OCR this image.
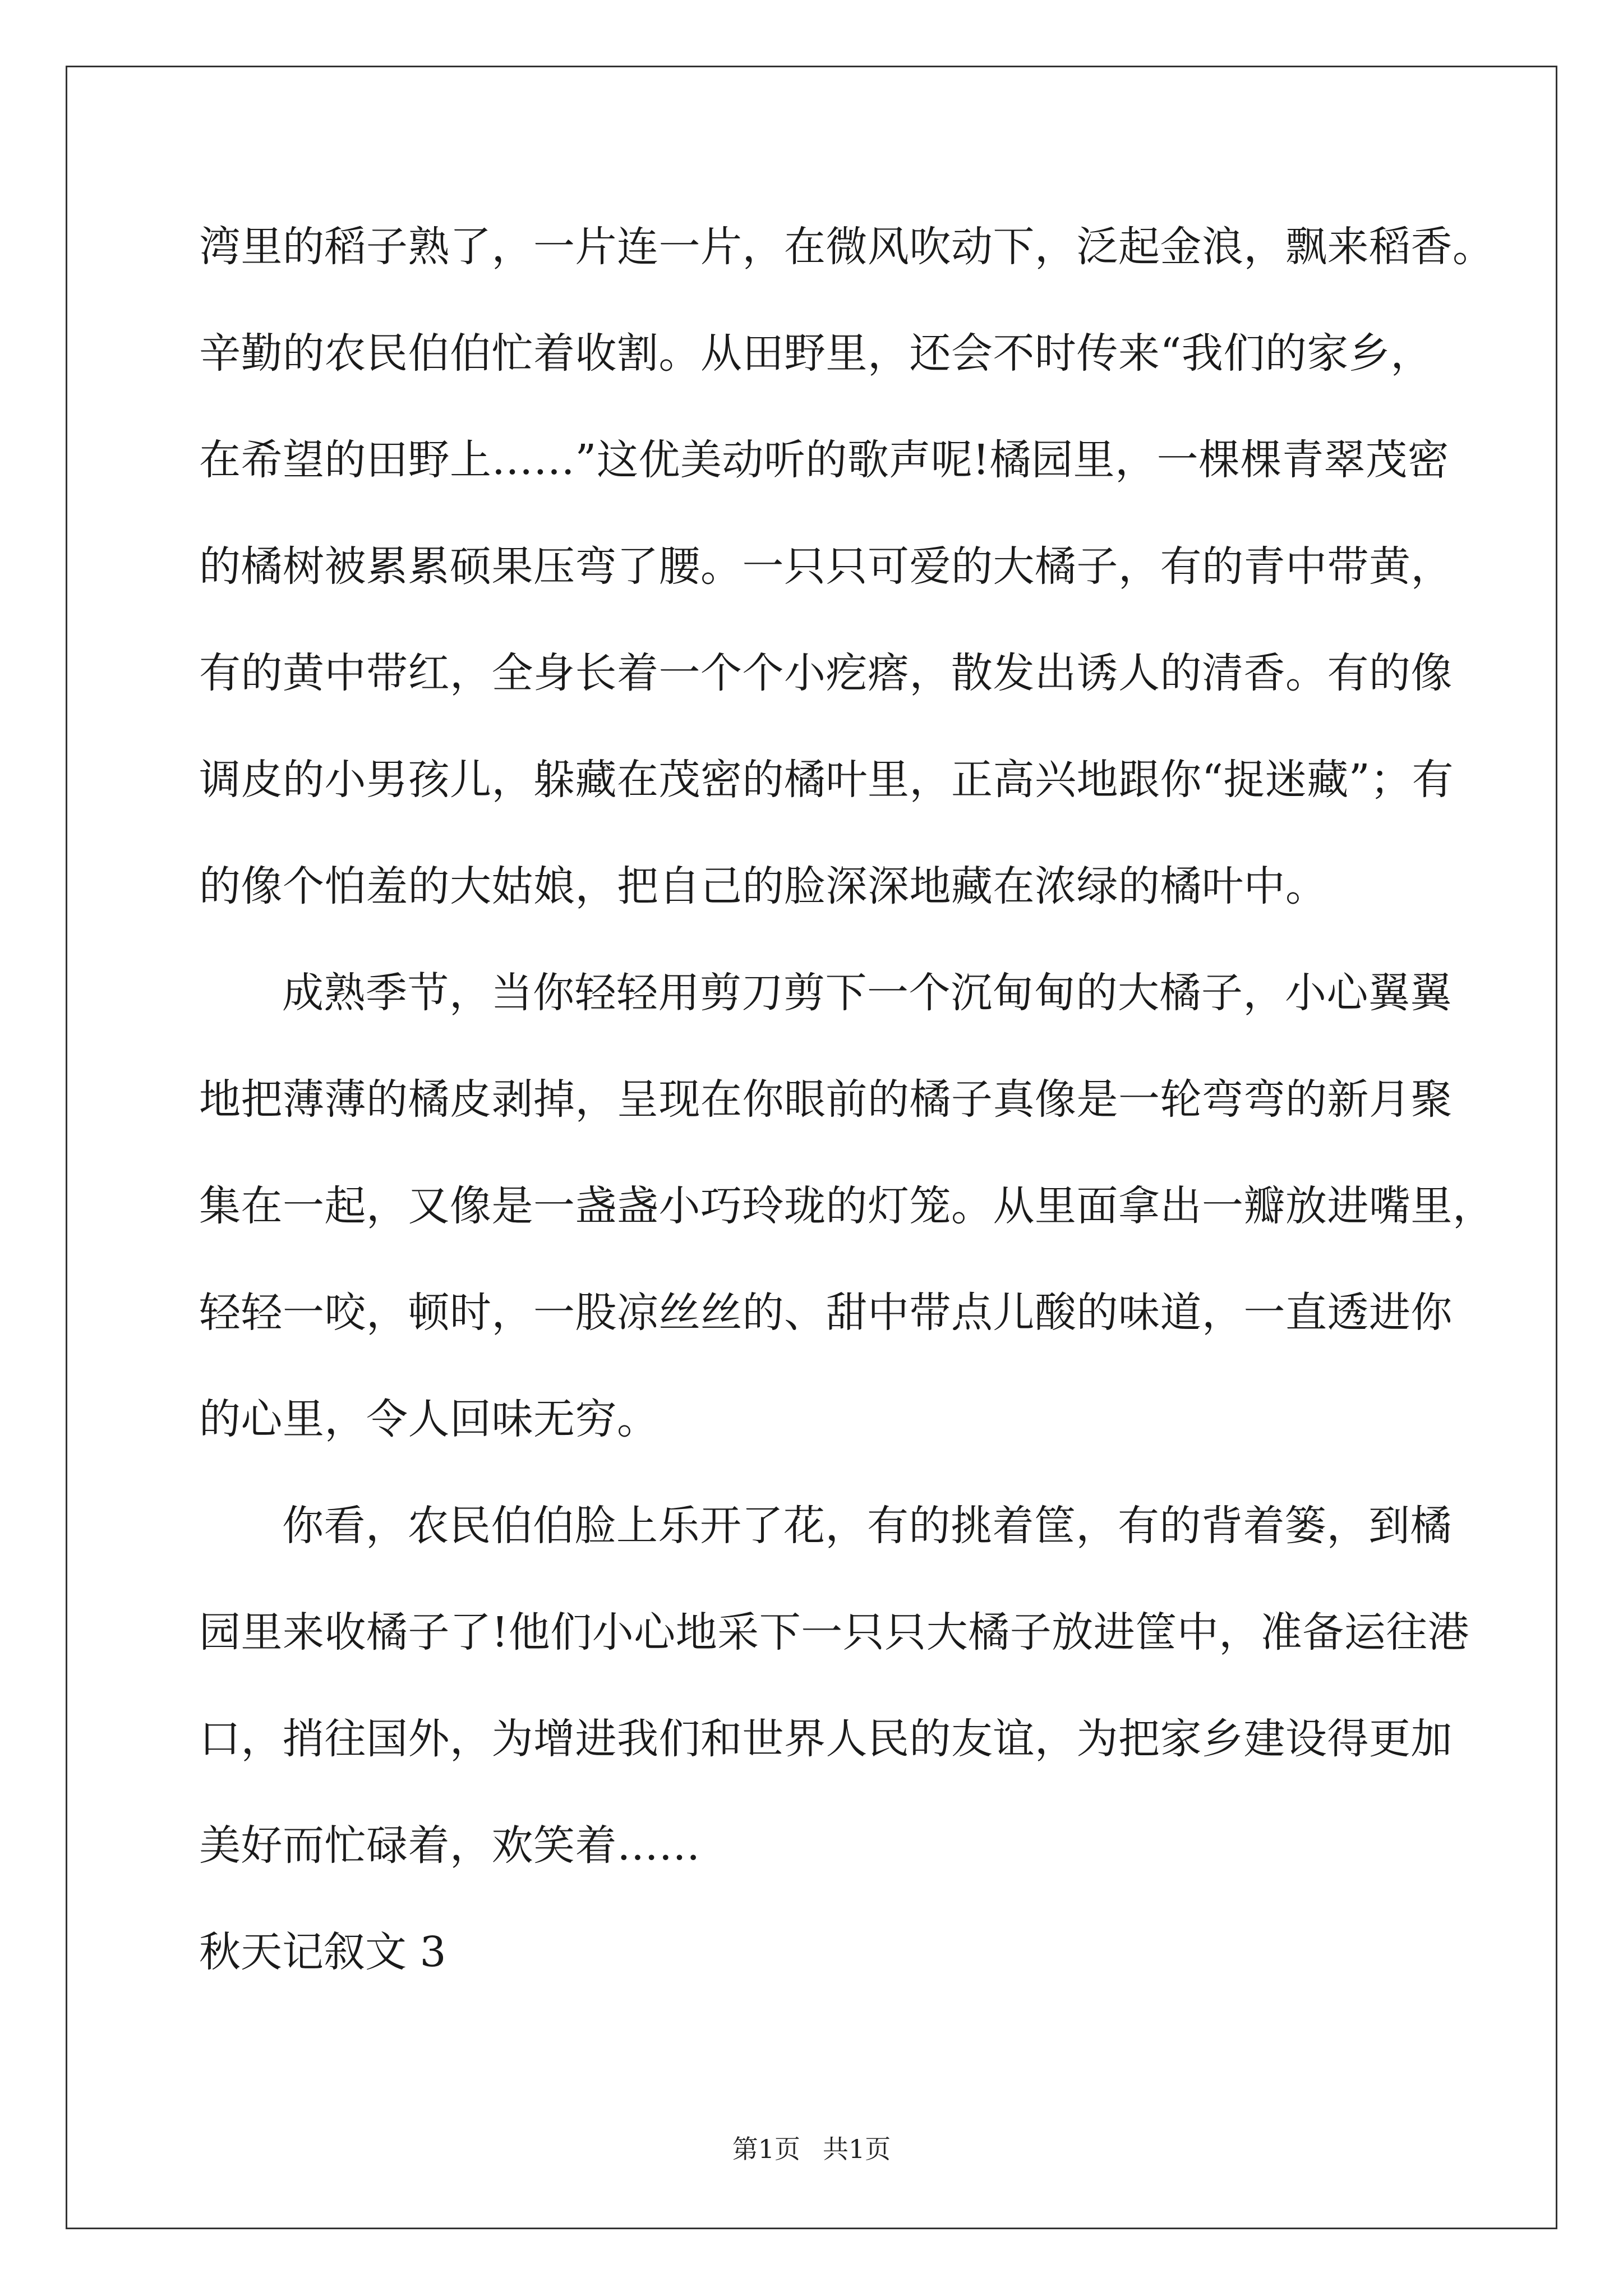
湾里的稻子熟了，一片连一片，在微风吹动下，泛起金浪，飘来稻香。
辛勤的农民伯伯忙着收割。从田野里，还会不时传来“我们的家乡，
在希望的田野上……”这优美动听的歌声呢!橘园里，一棵棵青翠茂密
的橘树被累累硕果压弯了腰。一只只可爱的大橘子，有的青中带黄，
有的黄中带红，全身长着一个个小疙瘩，散发出诱人的清香。有的像
调皮的小男孩儿，躲藏在茂密的橘叶里，正高兴地跟你“捉迷藏”；有
的像个怕羞的大姑娘，把自己的脸深深地藏在浓绿的橘叶中。
成熟季节，当你轻轻用剪刀剪下一个沉甸甸的大橘子，小心翼翼
地把薄薄的橘皮剥掉，呈现在你眼前的橘子真像是一轮弯弯的新月聚
集在一起，又像是一盏盏小巧玲珑的灯笼。从里面拿出一瓣放进嘴里，
轻轻一咬，顿时，一股凉丝丝的、甜中带点儿酸的味道，一直透进你
的心里，令人回味无穷。
你看，农民伯伯脸上乐开了花，有的挑着筐，有的背着篓，到橘
园里来收橘子了!他们小心地采下一只只大橘子放进筐中，准备运往港
口，捎往国外，为增进我们和世界人民的友谊，为把家乡建设得更加
美好而忙碌着，欢笑着……
秋天记叙文 3
第1页 共1页
